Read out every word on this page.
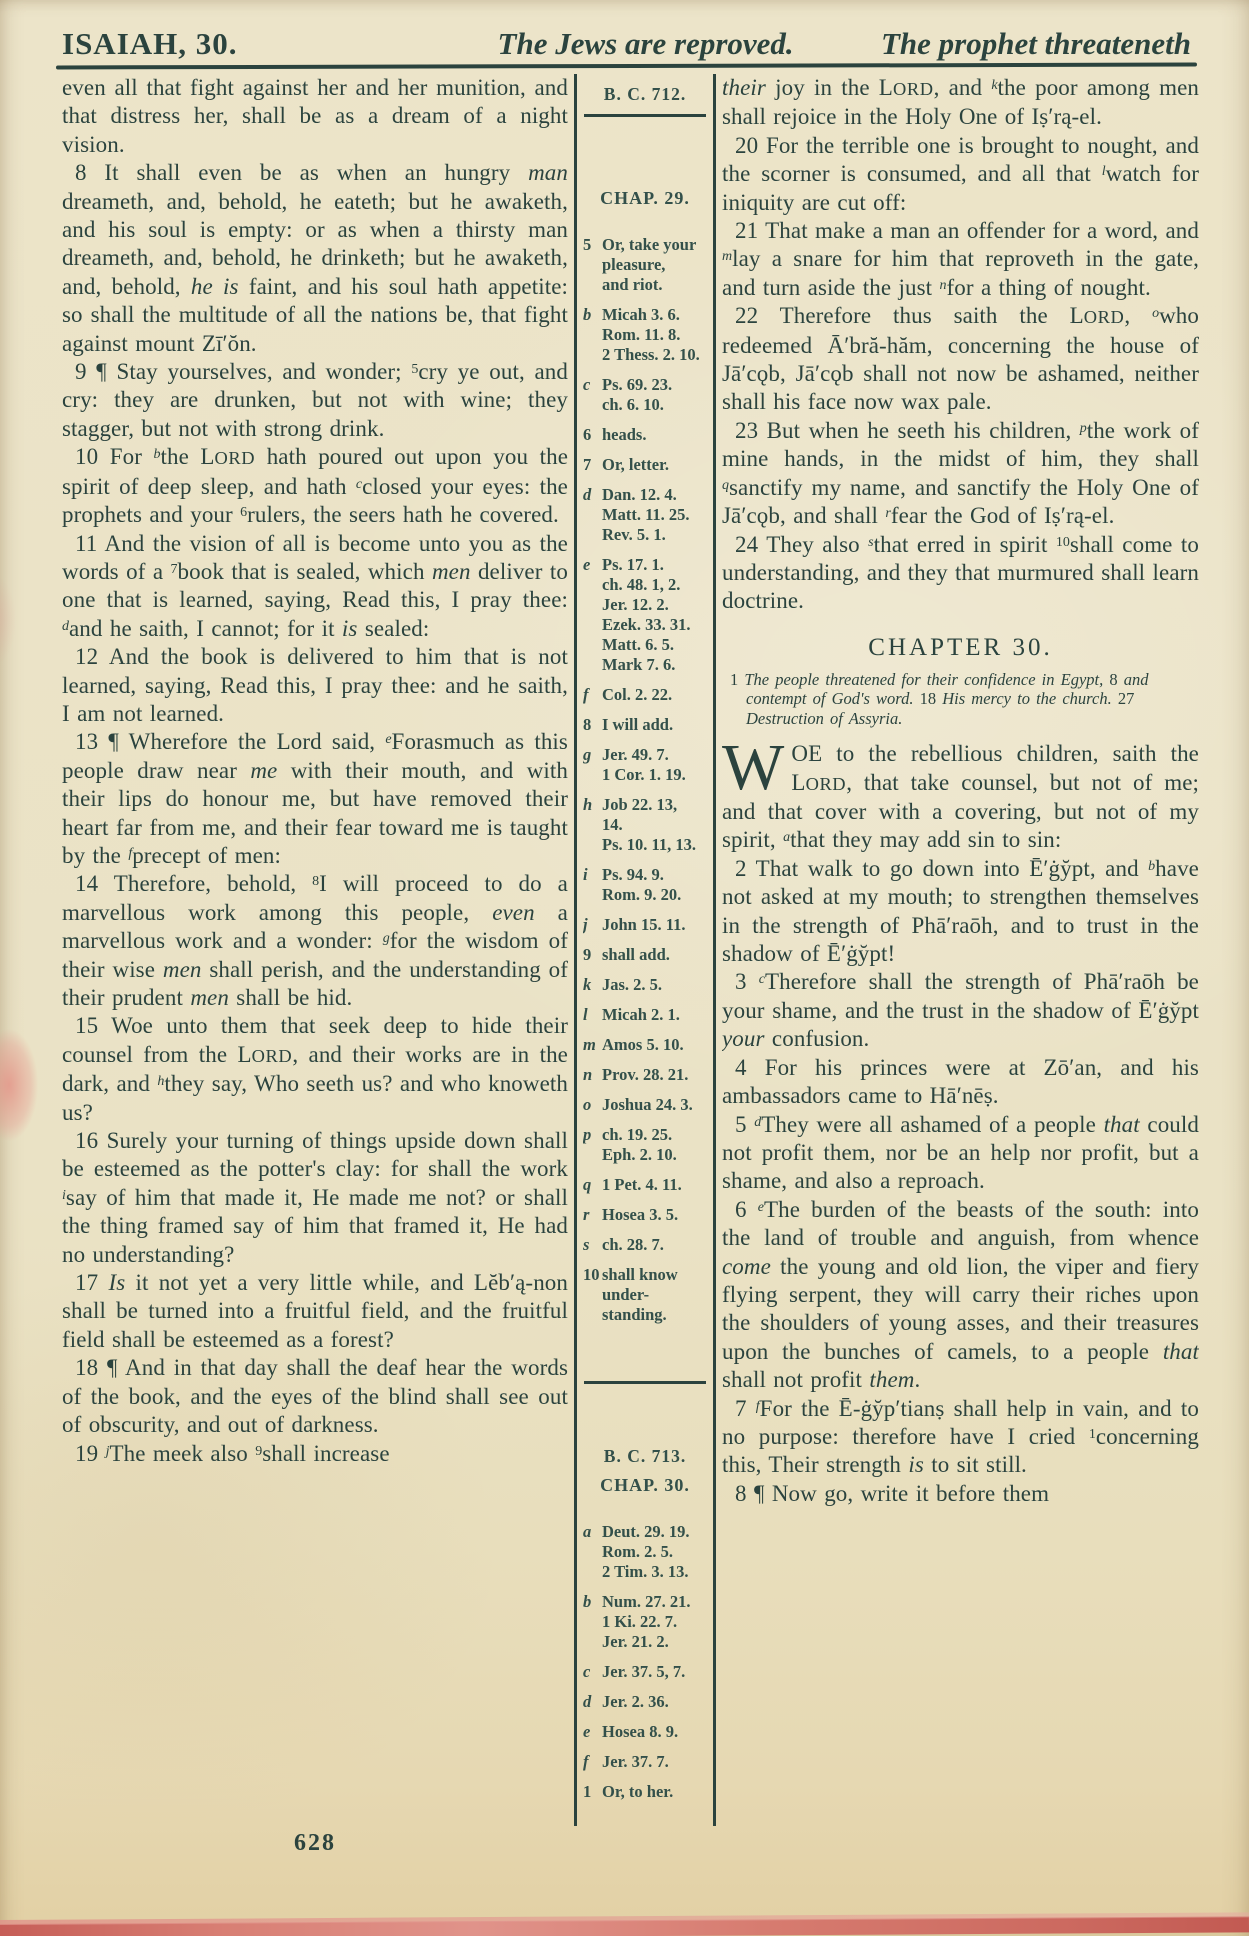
ISAIAH, 30.	The Jews are reproved.	The prophet threateneth

even all that fight against her and her munition, and that distress her, shall be as a dream of a night vision.

8 It shall even be as when an hungry man dreameth, and, behold, he eateth; but he awaketh, and his soul is empty: or as when a thirsty man dreameth, and, behold, he drinketh; but he awaketh, and, behold, he is faint, and his soul hath appetite: so shall the multitude of all the nations be, that fight against mount Zī′ŏn.

9 ¶ Stay yourselves, and wonder; $^5$cry ye out, and cry: they are drunken, but not with wine; they stagger, but not with strong drink.

10 For $^b$the LORD hath poured out upon you the spirit of deep sleep, and hath $^c$closed your eyes: the prophets and your $^6$rulers, the seers hath he covered.

11 And the vision of all is become unto you as the words of a $^7$book that is sealed, which men deliver to one that is learned, saying, Read this, I pray thee: $^d$and he saith, I cannot; for it is sealed:

12 And the book is delivered to him that is not learned, saying, Read this, I pray thee: and he saith, I am not learned.

13 ¶ Wherefore the Lord said, $^e$Forasmuch as this people draw near me with their mouth, and with their lips do honour me, but have removed their heart far from me, and their fear toward me is taught by the $^f$precept of men:

14 Therefore, behold, $^8$I will proceed to do a marvellous work among this people, even a marvellous work and a wonder: $^g$for the wisdom of their wise men shall perish, and the understanding of their prudent men shall be hid.

15 Woe unto them that seek deep to hide their counsel from the LORD, and their works are in the dark, and $^h$they say, Who seeth us? and who knoweth us?

16 Surely your turning of things upside down shall be esteemed as the potter's clay: for shall the work $^i$say of him that made it, He made me not? or shall the thing framed say of him that framed it, He had no understanding?

17 Is it not yet a very little while, and Lĕb′ą-non shall be turned into a fruitful field, and the fruitful field shall be esteemed as a forest?

18 ¶ And in that day shall the deaf hear the words of the book, and the eyes of the blind shall see out of obscurity, and out of darkness.

19 $^j$The meek also $^9$shall increase

B. C. 712.
CHAP. 29.
5 Or, take your
pleasure,
and riot.
b Micah 3. 6.
Rom. 11. 8.
2 Thess. 2. 10.
c Ps. 69. 23.
ch. 6. 10.
6 heads.
7 Or, letter.
d Dan. 12. 4.
Matt. 11. 25.
Rev. 5. 1.
e Ps. 17. 1.
ch. 48. 1, 2.
Jer. 12. 2.
Ezek. 33. 31.
Matt. 6. 5.
Mark 7. 6.
f Col. 2. 22.
8 I will add.
g Jer. 49. 7.
1 Cor. 1. 19.
h Job 22. 13,
14.
Ps. 10. 11, 13.
i Ps. 94. 9.
Rom. 9. 20.
j John 15. 11.
9 shall add.
k Jas. 2. 5.
l Micah 2. 1.
m Amos 5. 10.
n Prov. 28. 21.
o Joshua 24. 3.
p ch. 19. 25.
Eph. 2. 10.
q 1 Pet. 4. 11.
r Hosea 3. 5.
s ch. 28. 7.
10 shall know
under-
standing.
B. C. 713.
CHAP. 30.
a Deut. 29. 19.
Rom. 2. 5.
2 Tim. 3. 13.
b Num. 27. 21.
1 Ki. 22. 7.
Jer. 21. 2.
c Jer. 37. 5, 7.
d Jer. 2. 36.
e Hosea 8. 9.
f Jer. 37. 7.
1 Or, to her.

their joy in the LORD, and $^k$the poor among men shall rejoice in the Holy One of Iṣ′rą-el.

20 For the terrible one is brought to nought, and the scorner is consumed, and all that $^l$watch for iniquity are cut off:

21 That make a man an offender for a word, and $^m$lay a snare for him that reproveth in the gate, and turn aside the just $^n$for a thing of nought.

22 Therefore thus saith the LORD, $^o$who redeemed Ā′bră-hăm, concerning the house of Jā′cǫb, Jā′cǫb shall not now be ashamed, neither shall his face now wax pale.

23 But when he seeth his children, $^p$the work of mine hands, in the midst of him, they shall $^q$sanctify my name, and sanctify the Holy One of Jā′cǫb, and shall $^r$fear the God of Iṣ′rą-el.

24 They also $^s$that erred in spirit $^{10}$shall come to understanding, and they that murmured shall learn doctrine.

CHAPTER 30.

1 The people threatened for their confidence in Egypt, 8 and contempt of God's word. 18 His mercy to the church. 27 Destruction of Assyria.

WOE to the rebellious children, saith the LORD, that take counsel, but not of me; and that cover with a covering, but not of my spirit, $^a$that they may add sin to sin:

2 That walk to go down into Ē′ġy̆pt, and $^b$have not asked at my mouth; to strengthen themselves in the strength of Phā′raōh, and to trust in the shadow of Ē′ġy̆pt!

3 $^c$Therefore shall the strength of Phā′raōh be your shame, and the trust in the shadow of Ē′ġy̆pt your confusion.

4 For his princes were at Zō′an, and his ambassadors came to Hā′nēṣ.

5 $^d$They were all ashamed of a people that could not profit them, nor be an help nor profit, but a shame, and also a reproach.

6 $^e$The burden of the beasts of the south: into the land of trouble and anguish, from whence come the young and old lion, the viper and fiery flying serpent, they will carry their riches upon the shoulders of young asses, and their treasures upon the bunches of camels, to a people that shall not profit them.

7 $^f$For the Ē-ġy̆p′tianṣ shall help in vain, and to no purpose: therefore have I cried $^1$concerning this, Their strength is to sit still.

8 ¶ Now go, write it before them

628
